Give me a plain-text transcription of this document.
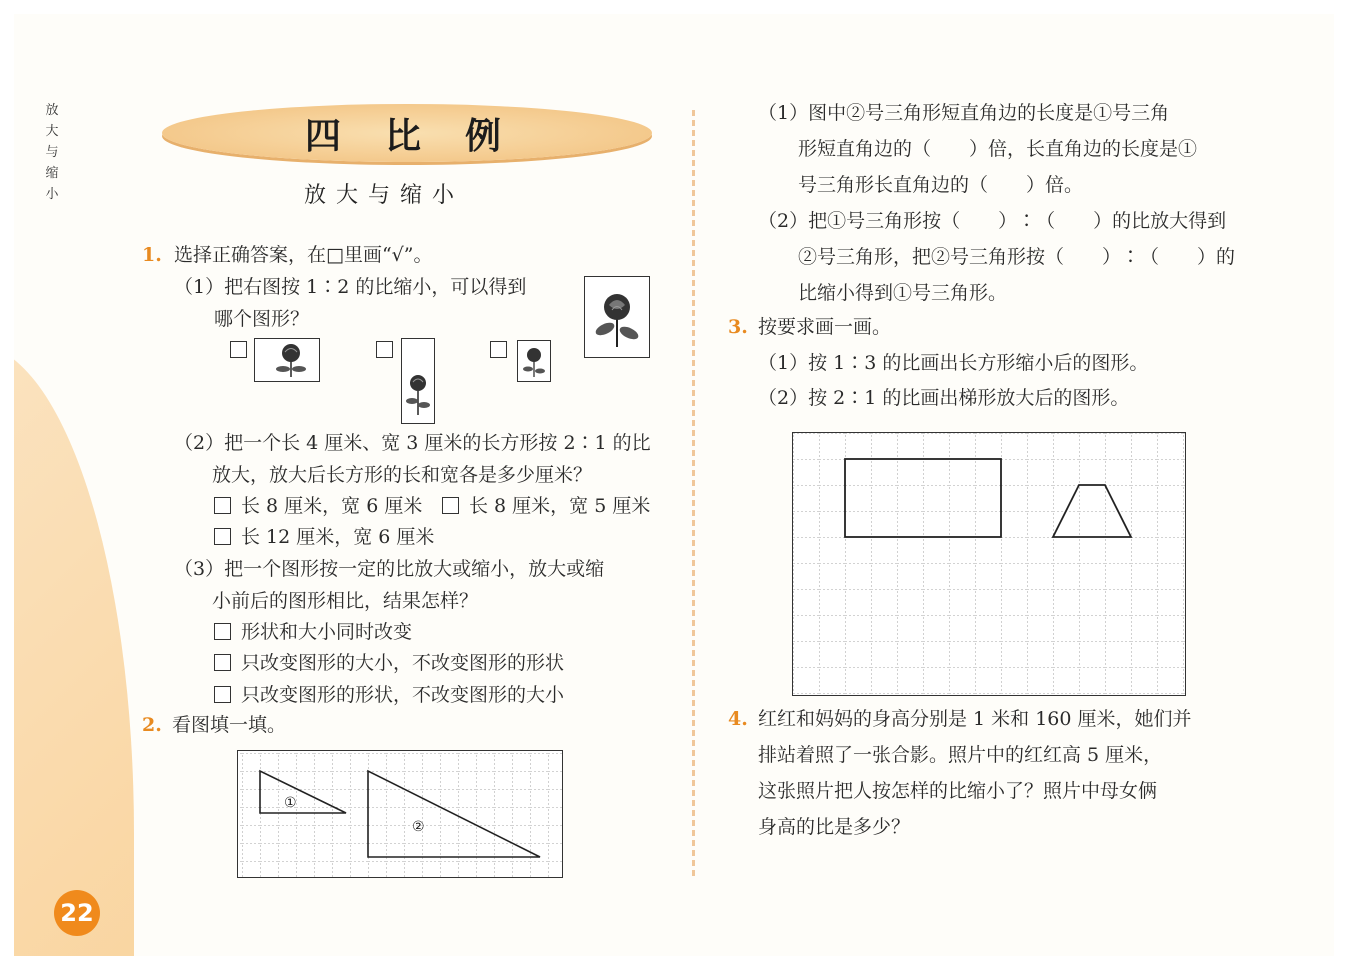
放
大
与
缩
小
四 比 例
放大与缩小
1. 选择正确答案，在□里画“√”。
（1）把右图按 1∶2 的比缩小，可以得到
哪个图形？
（2）把一个长 4 厘米、宽 3 厘米的长方形按 2∶1 的比
放大，放大后长方形的长和宽各是多少厘米？
长 8 厘米，宽 6 厘米	长 8 厘米，宽 5 厘米
长 12 厘米，宽 6 厘米
（3）把一个图形按一定的比放大或缩小，放大或缩
小前后的图形相比，结果怎样？
形状和大小同时改变
只改变图形的大小，不改变图形的形状
只改变图形的形状，不改变图形的大小
2. 看图填一填。
①
②
（1）图中②号三角形短直角边的长度是①号三角
形短直角边的（　　）倍，长直角边的长度是①
号三角形长直角边的（　　）倍。
（2）把①号三角形按（　　）∶（　　）的比放大得到
②号三角形，把②号三角形按（　　）∶（　　）的
比缩小得到①号三角形。
3. 按要求画一画。
（1）按 1∶3 的比画出长方形缩小后的图形。
（2）按 2∶1 的比画出梯形放大后的图形。
4. 红红和妈妈的身高分别是 1 米和 160 厘米，她们并
排站着照了一张合影。照片中的红红高 5 厘米，
这张照片把人按怎样的比缩小了？照片中母女俩
身高的比是多少？
22
